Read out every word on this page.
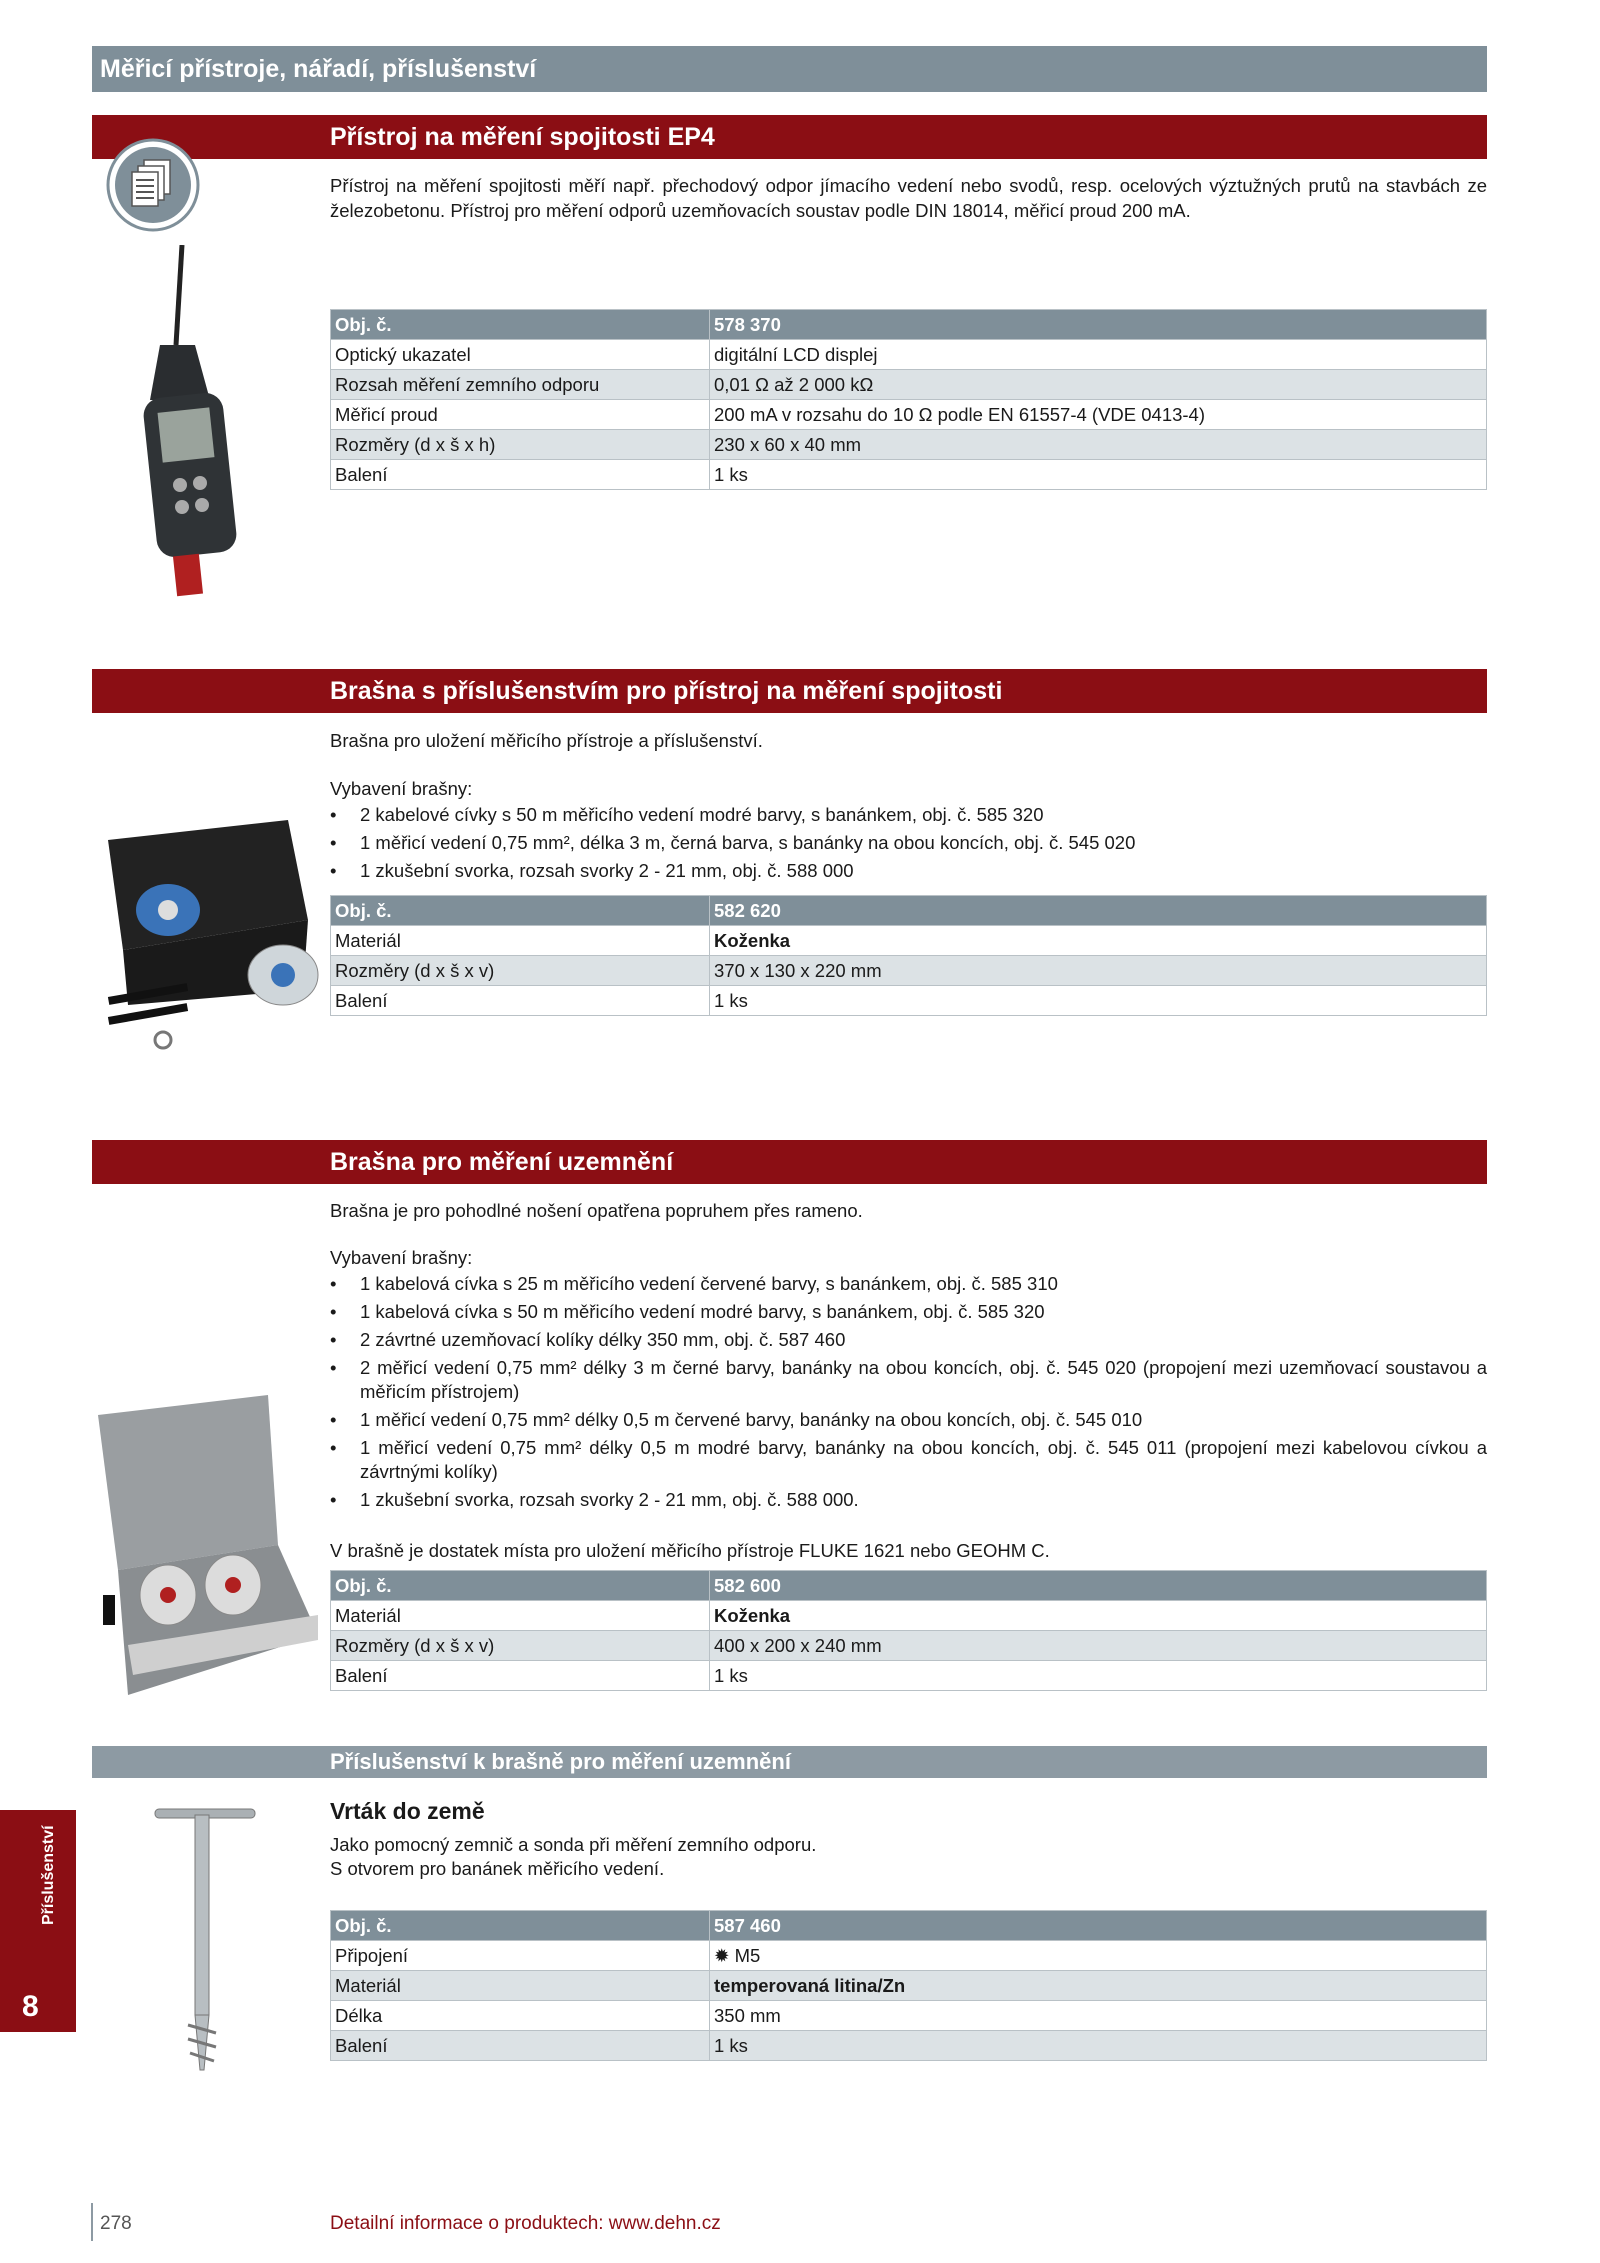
Měřicí přístroje, nářadí, příslušenství
Přístroj na měření spojitosti EP4
Přístroj na měření spojitosti měří např. přechodový odpor jímacího vedení nebo svodů, resp. ocelových výztužných prutů na stavbách ze železobetonu. Přístroj pro měření odporů uzemňovacích soustav podle DIN 18014, měřicí proud 200 mA.
Obj. č.	578 370
Optický ukazatel	digitální LCD displej
Rozsah měření zemního odporu	0,01 Ω až 2 000 kΩ
Měřicí proud	200 mA v rozsahu do 10 Ω podle EN 61557-4 (VDE 0413-4)
Rozměry (d x š x h)	230 x 60 x 40 mm
Balení	1 ks
Brašna s příslušenstvím pro přístroj na měření spojitosti
Brašna pro uložení měřicího přístroje a příslušenství.
Vybavení brašny:
• 2 kabelové cívky s 50 m měřicího vedení modré barvy, s banánkem, obj. č. 585 320
• 1 měřicí vedení 0,75 mm², délka 3 m, černá barva, s banánky na obou koncích, obj. č. 545 020
• 1 zkušební svorka, rozsah svorky 2 - 21 mm, obj. č. 588 000
Obj. č.	582 620
Materiál	Koženka
Rozměry (d x š x v)	370 x 130 x 220 mm
Balení	1 ks
Brašna pro měření uzemnění
Brašna je pro pohodlné nošení opatřena popruhem přes rameno.
Vybavení brašny:
• 1 kabelová cívka s 25 m měřicího vedení červené barvy, s banánkem, obj. č. 585 310
• 1 kabelová cívka s 50 m měřicího vedení modré barvy, s banánkem, obj. č. 585 320
• 2 závrtné uzemňovací kolíky délky 350 mm, obj. č. 587 460
• 2 měřicí vedení 0,75 mm² délky 3 m černé barvy, banánky na obou koncích, obj. č. 545 020 (propojení mezi uzemňovací soustavou a měřicím přístrojem)
• 1 měřicí vedení 0,75 mm² délky 0,5 m červené barvy, banánky na obou koncích, obj. č. 545 010
• 1 měřicí vedení 0,75 mm² délky 0,5 m modré barvy, banánky na obou koncích, obj. č. 545 011 (propojení mezi kabelovou cívkou a závrtnými kolíky)
• 1 zkušební svorka, rozsah svorky 2 - 21 mm, obj. č. 588 000.
V brašně je dostatek místa pro uložení měřicího přístroje FLUKE 1621 nebo GEOHM C.
Obj. č.	582 600
Materiál	Koženka
Rozměry (d x š x v)	400 x 200 x 240 mm
Balení	1 ks
Příslušenství k brašně pro měření uzemnění
Vrták do země
Jako pomocný zemnič a sonda při měření zemního odporu.
S otvorem pro banánek měřicího vedení.
Obj. č.	587 460
Připojení	✹ M5
Materiál	temperovaná litina/Zn
Délka	350 mm
Balení	1 ks
Příslušenství
8
278	Detailní informace o produktech: www.dehn.cz
